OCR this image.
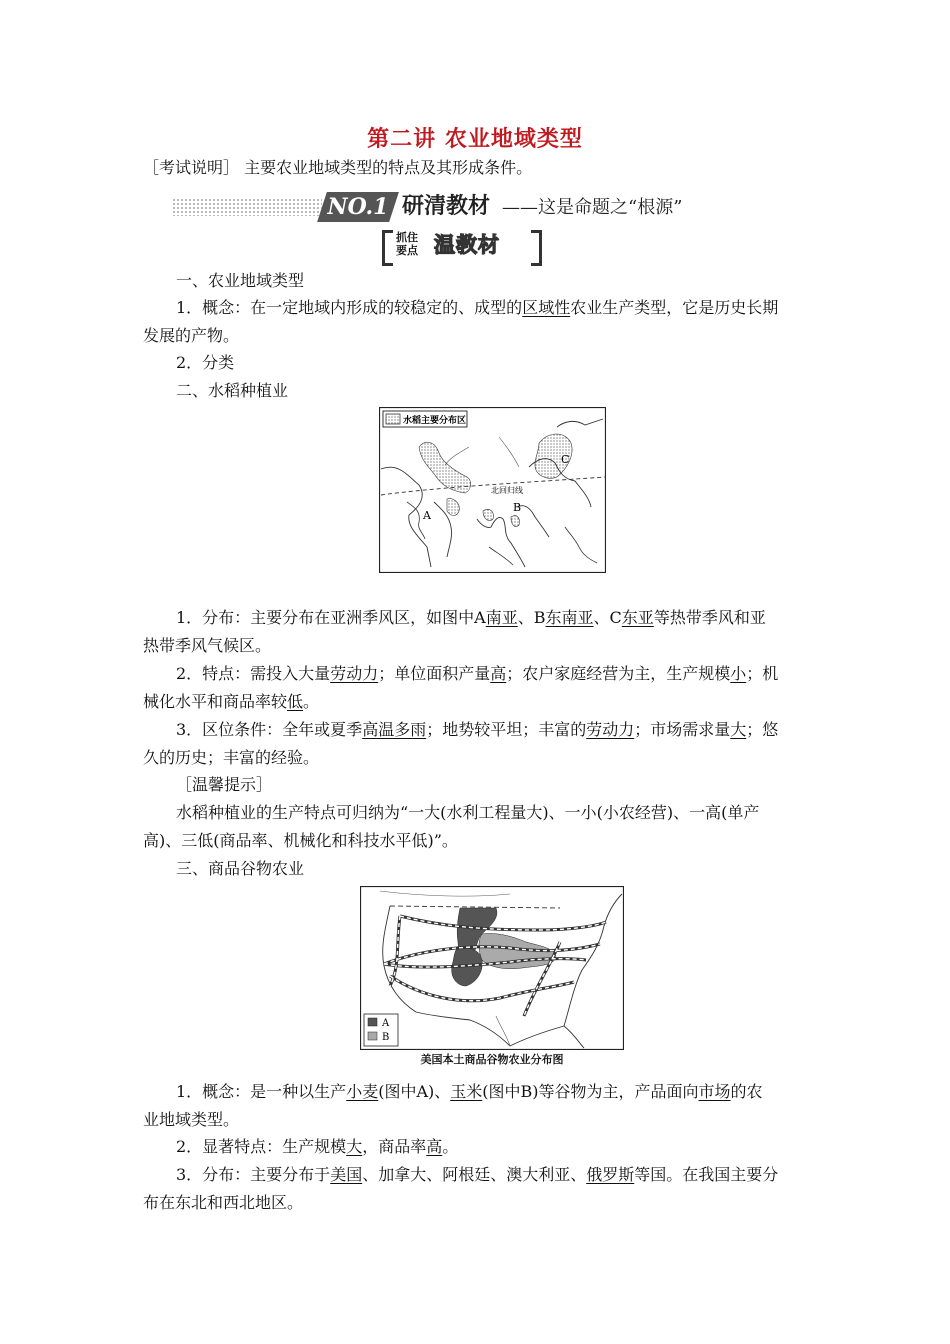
第二讲 农业地域类型
［考试说明］ 主要农业地域类型的特点及其形成条件。
NO.1 研清教材 ——这是命题之“根源”
抓住
要点 温教材
一、农业地域类型
1．概念：在一定地域内形成的较稳定的、成型的区域性农业生产类型，它是历史长期
发展的产物。
2．分类
二、水稻种植业
北回归线
水稻主要分布区
A
B
C
1．分布：主要分布在亚洲季风区，如图中A南亚、B东南亚、C东亚等热带季风和亚
热带季风气候区。
2．特点：需投入大量劳动力；单位面积产量高；农户家庭经营为主，生产规模小；机
械化水平和商品率较低。
3．区位条件：全年或夏季高温多雨；地势较平坦；丰富的劳动力；市场需求量大；悠
久的历史；丰富的经验。
［温馨提示］
水稻种植业的生产特点可归纳为“一大(水利工程量大)、一小(小农经营)、一高(单产
高)、三低(商品率、机械化和科技水平低)”。
三、商品谷物农业
A
B
美国本土商品谷物农业分布图
1．概念：是一种以生产小麦(图中A)、玉米(图中B)等谷物为主，产品面向市场的农
业地域类型。
2．显著特点：生产规模大，商品率高。
3．分布：主要分布于美国、加拿大、阿根廷、澳大利亚、俄罗斯等国。在我国主要分
布在东北和西北地区。
